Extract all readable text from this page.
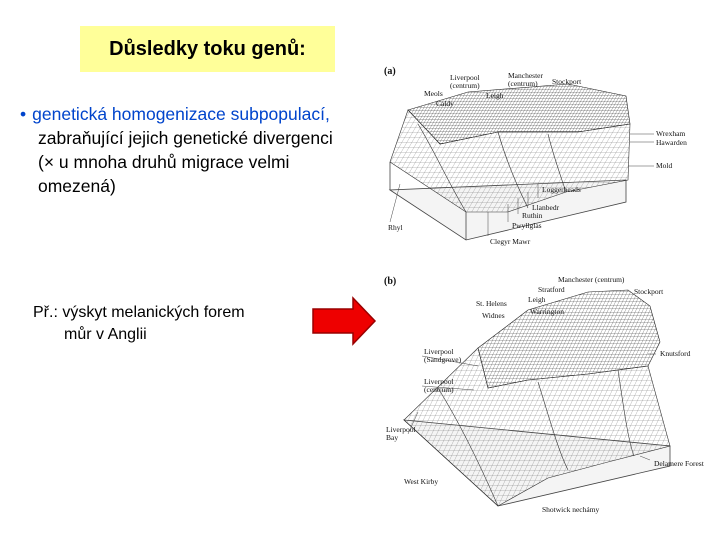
Důsledky toku genů:
• genetická homogenizace subpopulací,
zabraňující jejich genetické divergenci
(× u mnoha druhů migrace velmi
omezená)
Př.: výskyt melanických forem
můr v Anglii
(a)
Liverpool
(centrum)
Manchester
(centrum) Stockport
Meols
Caldy
Leigh
Wrexham
Hawarden
Mold
Loggerheads
Llanbedr
Ruthin
Rhyl	Pwyllglas
Clegyr Mawr
(b)	Manchester (centrum)
Stratford	Stockport
Leigh
St. Helens
Warrington
Widnes
Liverpool
(Sandgrove)
Liverpool
(centrum)
Knutsford
Liverpool
Bay
Delamere Forest
West Kirby
Shotwick nechámy
